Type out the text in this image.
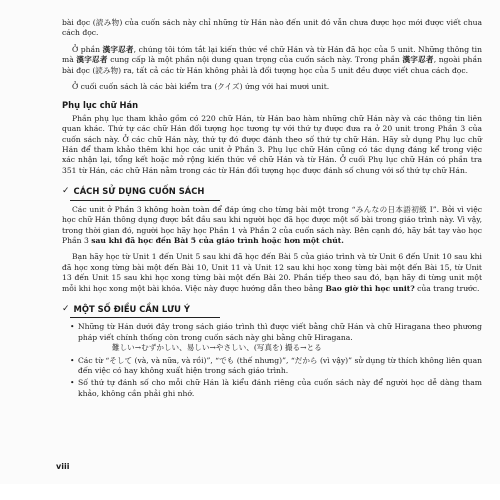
bài đọc (読み物) của cuốn sách này chỉ những từ Hán nào đến unit đó vẫn chưa được học mới được viết chua cách đọc.

Ở phần 漢字忍者, chúng tôi tóm tắt lại kiến thức về chữ Hán và từ Hán đã học của 5 unit. Những thông tin mà 漢字忍者 cung cấp là một phần nội dung quan trọng của cuốn sách này. Trong phần 漢字忍者, ngoài phần bài đọc (読み物) ra, tất cả các từ Hán không phải là đối tượng học của 5 unit đều được viết chua cách đọc.

Ở cuối cuốn sách là các bài kiểm tra (クイズ) ứng với hai mươi unit.

Phụ lục chữ Hán

Phần phụ lục tham khảo gồm có 220 chữ Hán, từ Hán bao hàm những chữ Hán này và các thông tin liên quan khác. Thứ tự các chữ Hán đối tượng học tương tự với thứ tự được đưa ra ở 20 unit trong Phần 3 của cuốn sách này. Ở các chữ Hán này, thứ tự đó được đánh theo số thứ tự chữ Hán. Hãy sử dụng Phụ lục chữ Hán để tham khảo thêm khi học các unit ở Phần 3. Phụ lục chữ Hán cũng có tác dụng đáng kể trong việc xác nhận lại, tổng kết hoặc mở rộng kiến thức về chữ Hán và từ Hán. Ở cuối Phụ lục chữ Hán có phần tra 351 từ Hán, các chữ Hán nằm trong các từ Hán đối tượng học được đánh số chung với số thứ tự chữ Hán.

✓ CÁCH SỬ DỤNG CUỐN SÁCH

Các unit ở Phần 3 không hoàn toàn để đáp ứng cho từng bài một trong “みんなの日本語初級 I”. Bởi vì việc học chữ Hán thông dụng được bắt đầu sau khi người học đã học được một số bài trong giáo trình này. Vì vậy, trong thời gian đó, người học hãy học Phần 1 và Phần 2 của cuốn sách này. Bên cạnh đó, hãy bắt tay vào học Phần 3 sau khi đã học đến Bài 5 của giáo trình hoặc hơn một chút.

Bạn hãy học từ Unit 1 đến Unit 5 sau khi đã học đến Bài 5 của giáo trình và từ Unit 6 đến Unit 10 sau khi đã học xong từng bài một đến Bài 10, Unit 11 và Unit 12 sau khi học xong từng bài một đến Bài 15, từ Unit 13 đến Unit 15 sau khi học xong từng bài một đến Bài 20. Phần tiếp theo sau đó, bạn hãy đi từng unit một mỗi khi học xong một bài khóa. Việc này được hướng dẫn theo bảng Bao giờ thì học unit? của trang trước.

✓ MỘT SỐ ĐIỀU CẦN LƯU Ý
• Những từ Hán dưới đây trong sách giáo trình thì được viết bằng chữ Hán và chữ Hiragana theo phương pháp viết chính thống còn trong cuốn sách này ghi bằng chữ Hiragana.
難しい→むずかしい、易しい→やさしい、(写真を) 撮る→とる
• Các từ “そして (và, và nữa, và rồi)”, “でも (thế nhưng)”, “だから (vì vậy)” sử dụng từ thích không liên quan đến việc có hay không xuất hiện trong sách giáo trình.
• Số thứ tự đánh số cho mỗi chữ Hán là kiểu đánh riêng của cuốn sách này để người học dễ dàng tham khảo, không cần phải ghi nhớ.
viii
